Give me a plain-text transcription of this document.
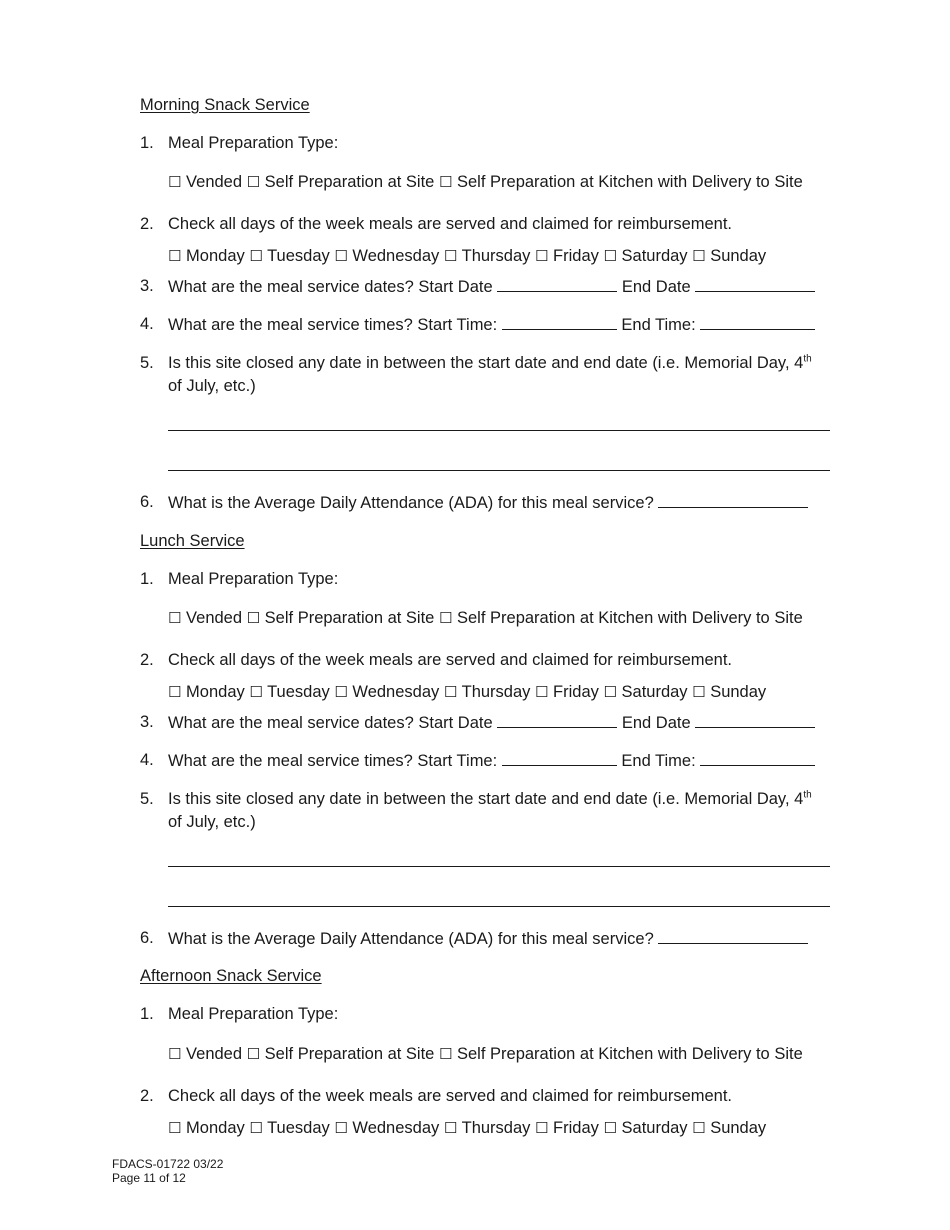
Morning Snack Service
1. Meal Preparation Type:
☐ Vended ☐ Self Preparation at Site ☐ Self Preparation at Kitchen with Delivery to Site
2. Check all days of the week meals are served and claimed for reimbursement.
☐ Monday ☐ Tuesday ☐ Wednesday ☐ Thursday ☐ Friday ☐ Saturday ☐ Sunday
3. What are the meal service dates? Start Date	End Date
4. What are the meal service times? Start Time:	End Time:
5. Is this site closed any date in between the start date and end date (i.e. Memorial Day, 4th
of July, etc.)
6. What is the Average Daily Attendance (ADA) for this meal service?
Lunch Service
1. Meal Preparation Type:
☐ Vended ☐ Self Preparation at Site ☐ Self Preparation at Kitchen with Delivery to Site
2. Check all days of the week meals are served and claimed for reimbursement.
☐ Monday ☐ Tuesday ☐ Wednesday ☐ Thursday ☐ Friday ☐ Saturday ☐ Sunday
3. What are the meal service dates? Start Date	End Date
4. What are the meal service times? Start Time:	End Time:
5. Is this site closed any date in between the start date and end date (i.e. Memorial Day, 4th
of July, etc.)
6. What is the Average Daily Attendance (ADA) for this meal service?
Afternoon Snack Service
1. Meal Preparation Type:
☐ Vended ☐ Self Preparation at Site ☐ Self Preparation at Kitchen with Delivery to Site
2. Check all days of the week meals are served and claimed for reimbursement.
☐ Monday ☐ Tuesday ☐ Wednesday ☐ Thursday ☐ Friday ☐ Saturday ☐ Sunday
FDACS-01722 03/22
Page 11 of 12
